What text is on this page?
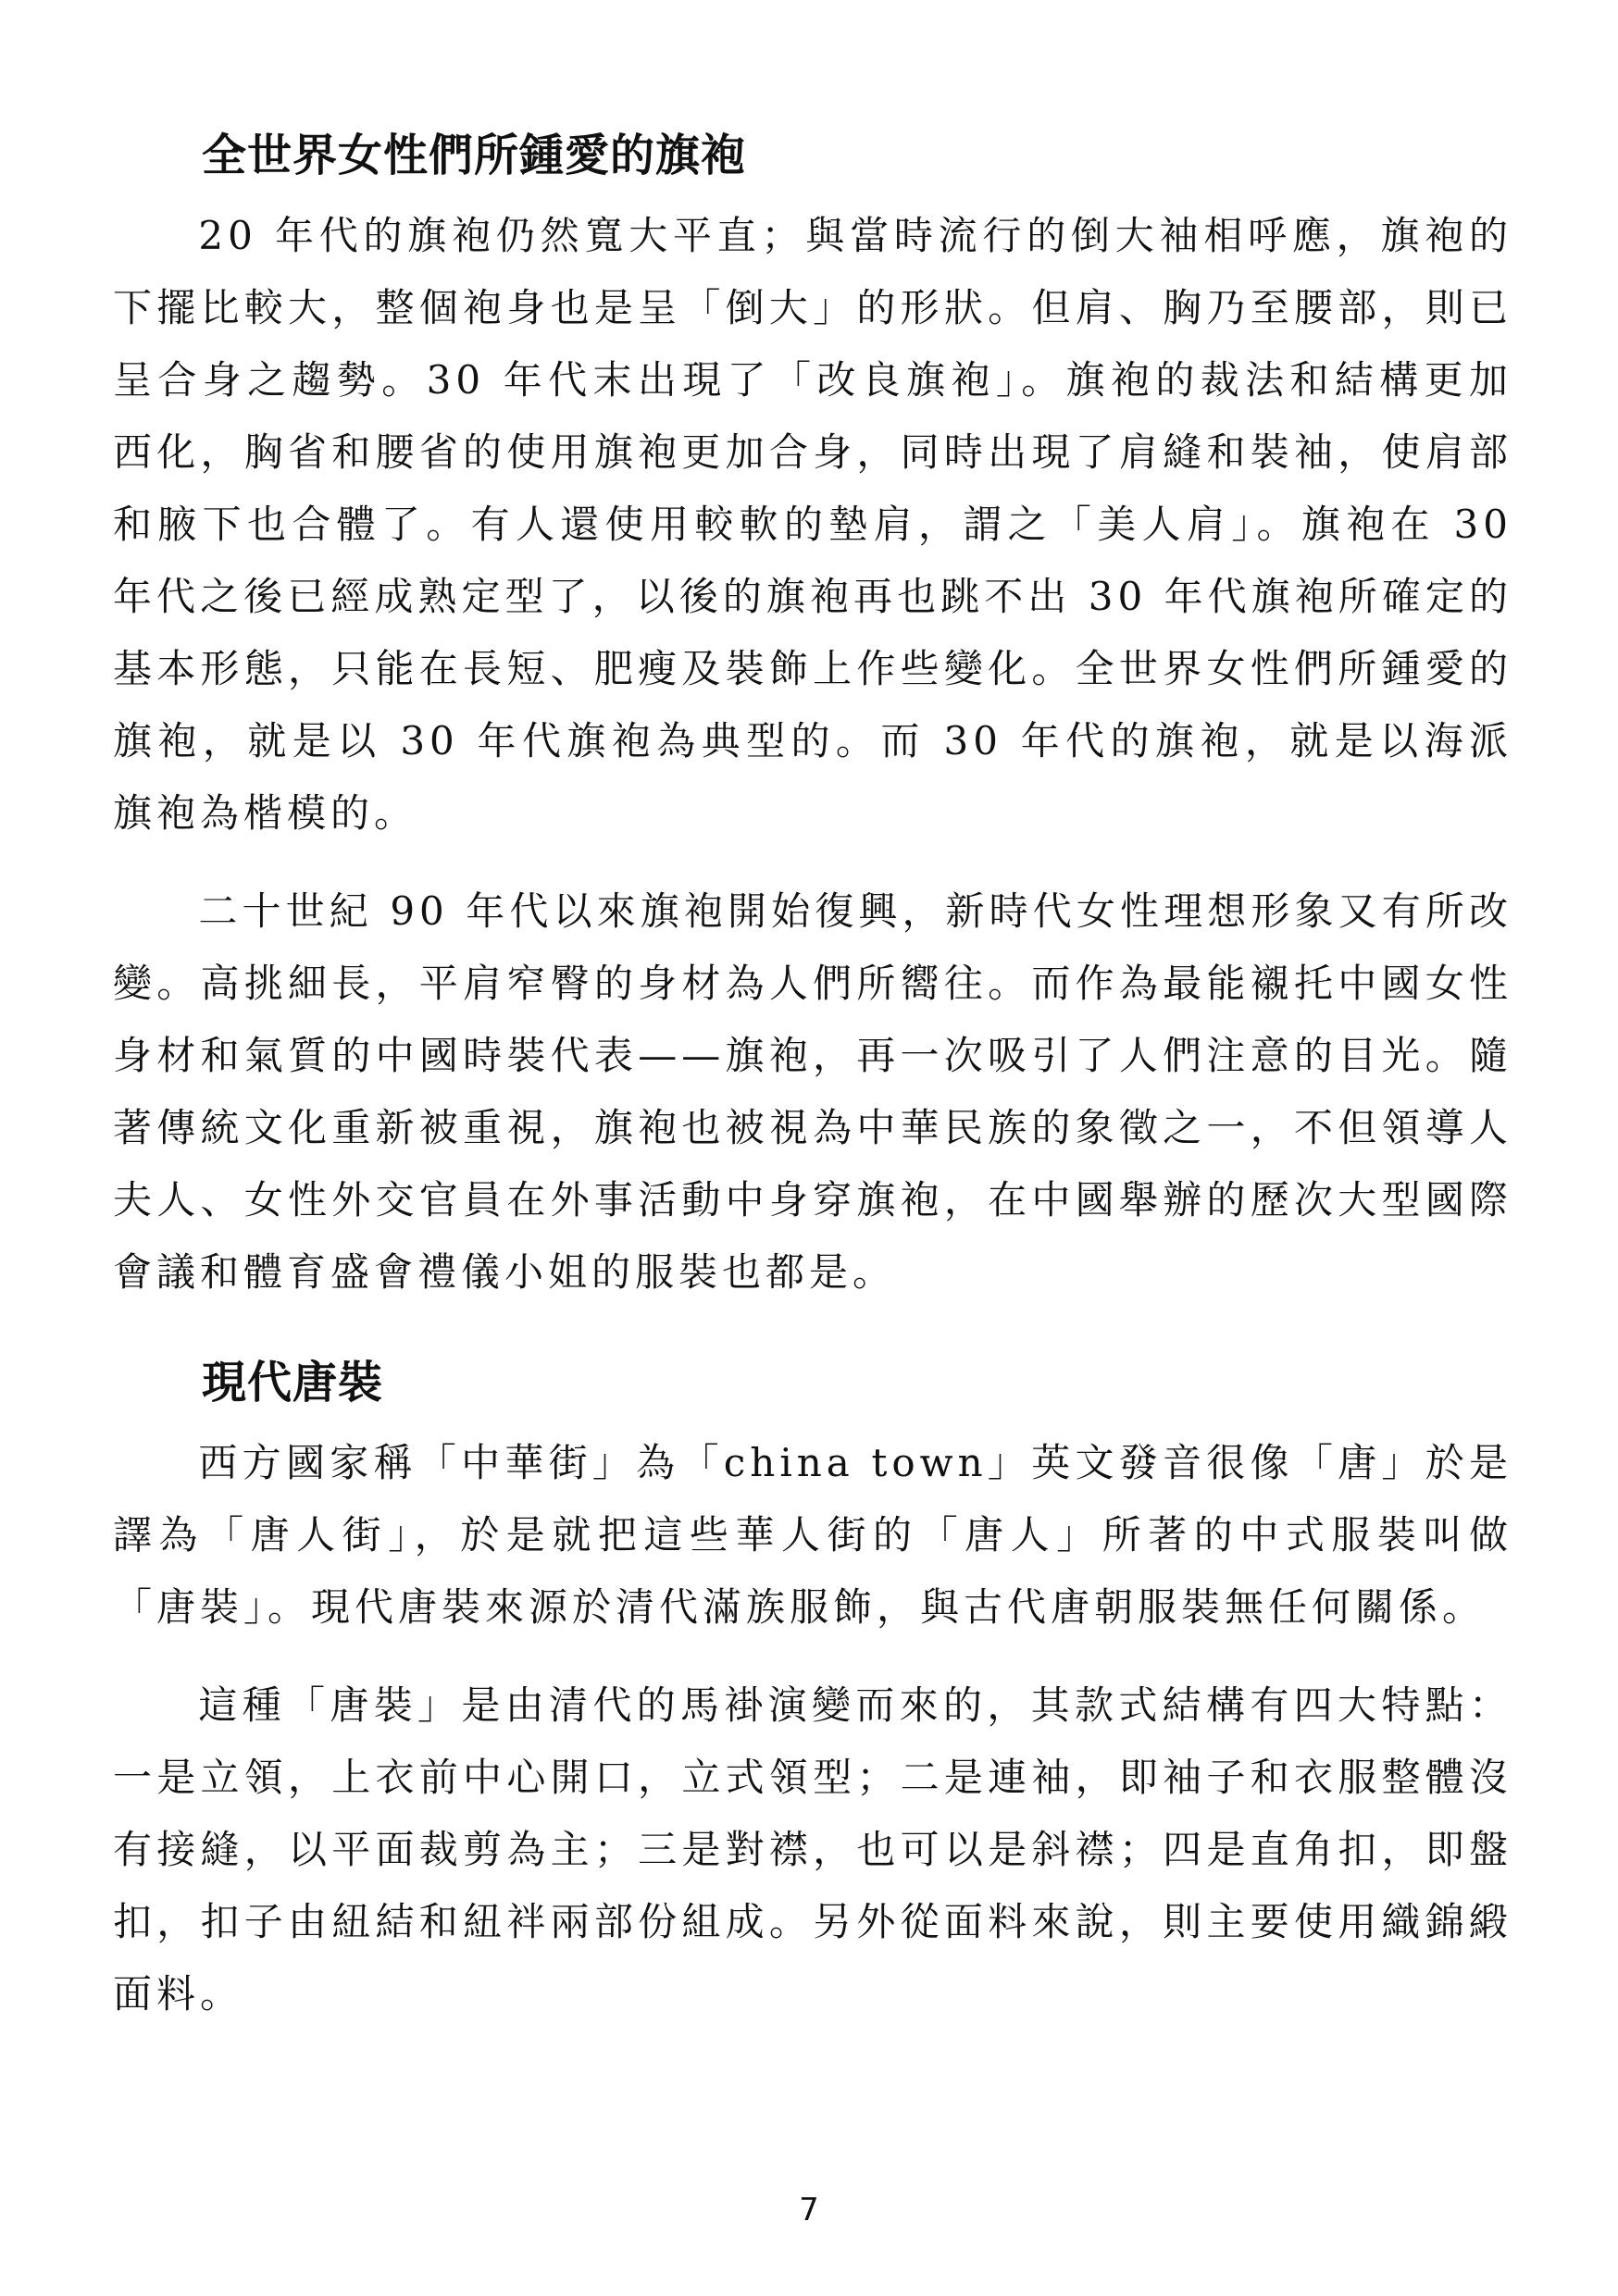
全世界女性們所鍾愛的旗袍

20 年代的旗袍仍然寬大平直；與當時流行的倒大袖相呼應，旗袍的下擺比較大，整個袍身也是呈「倒大」的形狀。但肩、胸乃至腰部，則已呈合身之趨勢。30 年代末出現了「改良旗袍」。旗袍的裁法和結構更加西化，胸省和腰省的使用旗袍更加合身，同時出現了肩縫和裝袖，使肩部和腋下也合體了。有人還使用較軟的墊肩，謂之「美人肩」。旗袍在 30 年代之後已經成熟定型了，以後的旗袍再也跳不出 30 年代旗袍所確定的基本形態，只能在長短、肥瘦及裝飾上作些變化。全世界女性們所鍾愛的旗袍，就是以 30 年代旗袍為典型的。而 30 年代的旗袍，就是以海派旗袍為楷模的。

二十世紀 90 年代以來旗袍開始復興，新時代女性理想形象又有所改變。高挑細長，平肩窄臀的身材為人們所嚮往。而作為最能襯托中國女性身材和氣質的中國時裝代表——旗袍，再一次吸引了人們注意的目光。隨著傳統文化重新被重視，旗袍也被視為中華民族的象徵之一，不但領導人夫人、女性外交官員在外事活動中身穿旗袍，在中國舉辦的歷次大型國際會議和體育盛會禮儀小姐的服裝也都是。

現代唐裝

西方國家稱「中華街」為「china town」英文發音很像「唐」於是譯為「唐人街」，於是就把這些華人街的「唐人」所著的中式服裝叫做「唐裝」。現代唐裝來源於清代滿族服飾，與古代唐朝服裝無任何關係。

這種「唐裝」是由清代的馬褂演變而來的，其款式結構有四大特點：一是立領，上衣前中心開口，立式領型；二是連袖，即袖子和衣服整體沒有接縫，以平面裁剪為主；三是對襟，也可以是斜襟；四是直角扣，即盤扣，扣子由紐結和紐袢兩部份組成。另外從面料來說，則主要使用織錦緞面料。

7
